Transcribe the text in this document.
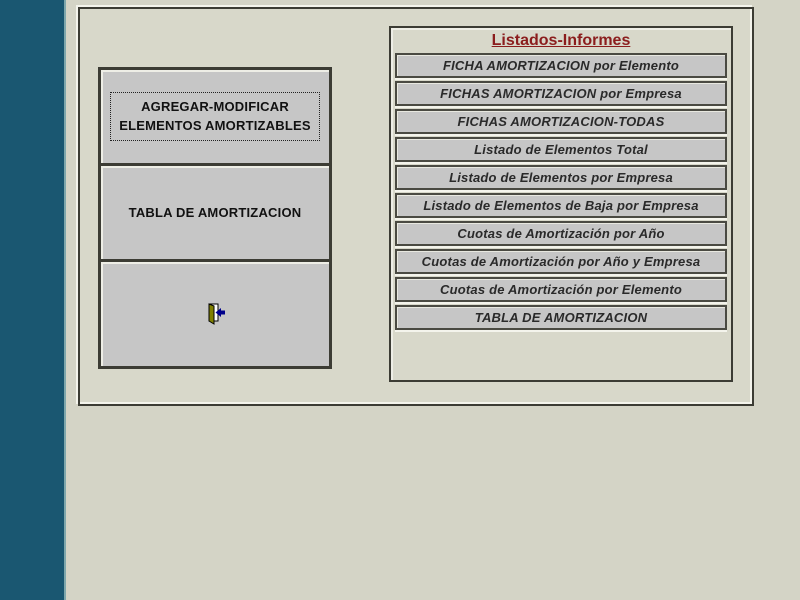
AGREGAR-MODIFICAR
ELEMENTOS AMORTIZABLES
TABLA DE AMORTIZACION
Listados-Informes
FICHA AMORTIZACION por Elemento
FICHAS AMORTIZACION por Empresa
FICHAS AMORTIZACION-TODAS
Listado de Elementos Total
Listado de Elementos por Empresa
Listado de Elementos de Baja por Empresa
Cuotas de Amortización por Año
Cuotas de Amortización por Año y Empresa
Cuotas de Amortización por Elemento
TABLA DE AMORTIZACION
